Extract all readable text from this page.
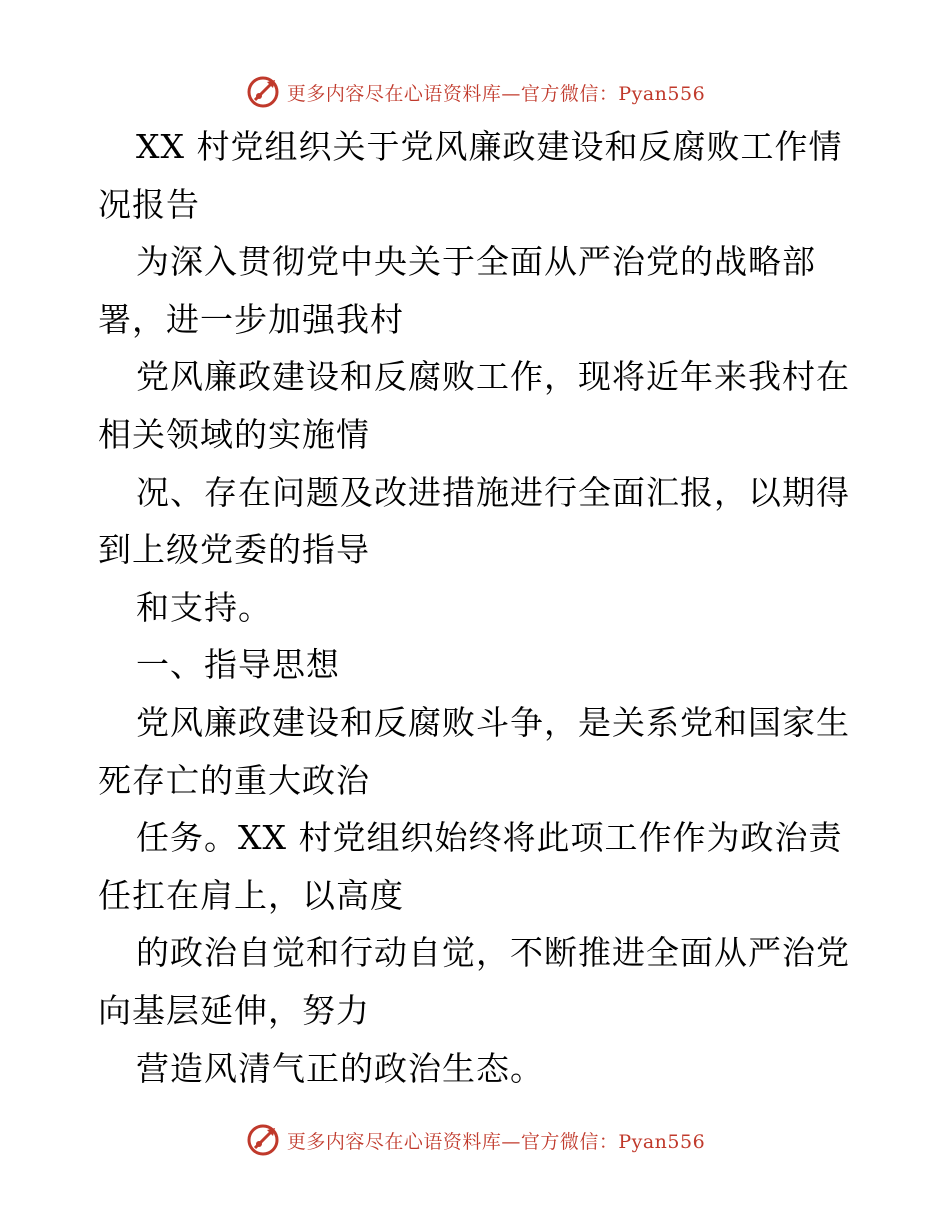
更多内容尽在心语资料库—官方微信：Pyan556
XX 村党组织关于党风廉政建设和反腐败工作情
况报告
为深入贯彻党中央关于全面从严治党的战略部
署，进一步加强我村
党风廉政建设和反腐败工作，现将近年来我村在
相关领域的实施情
况、存在问题及改进措施进行全面汇报，以期得
到上级党委的指导
和支持。
一、指导思想
党风廉政建设和反腐败斗争，是关系党和国家生
死存亡的重大政治
任务。XX 村党组织始终将此项工作作为政治责
任扛在肩上，以高度
的政治自觉和行动自觉，不断推进全面从严治党
向基层延伸，努力
营造风清气正的政治生态。
更多内容尽在心语资料库—官方微信：Pyan556
